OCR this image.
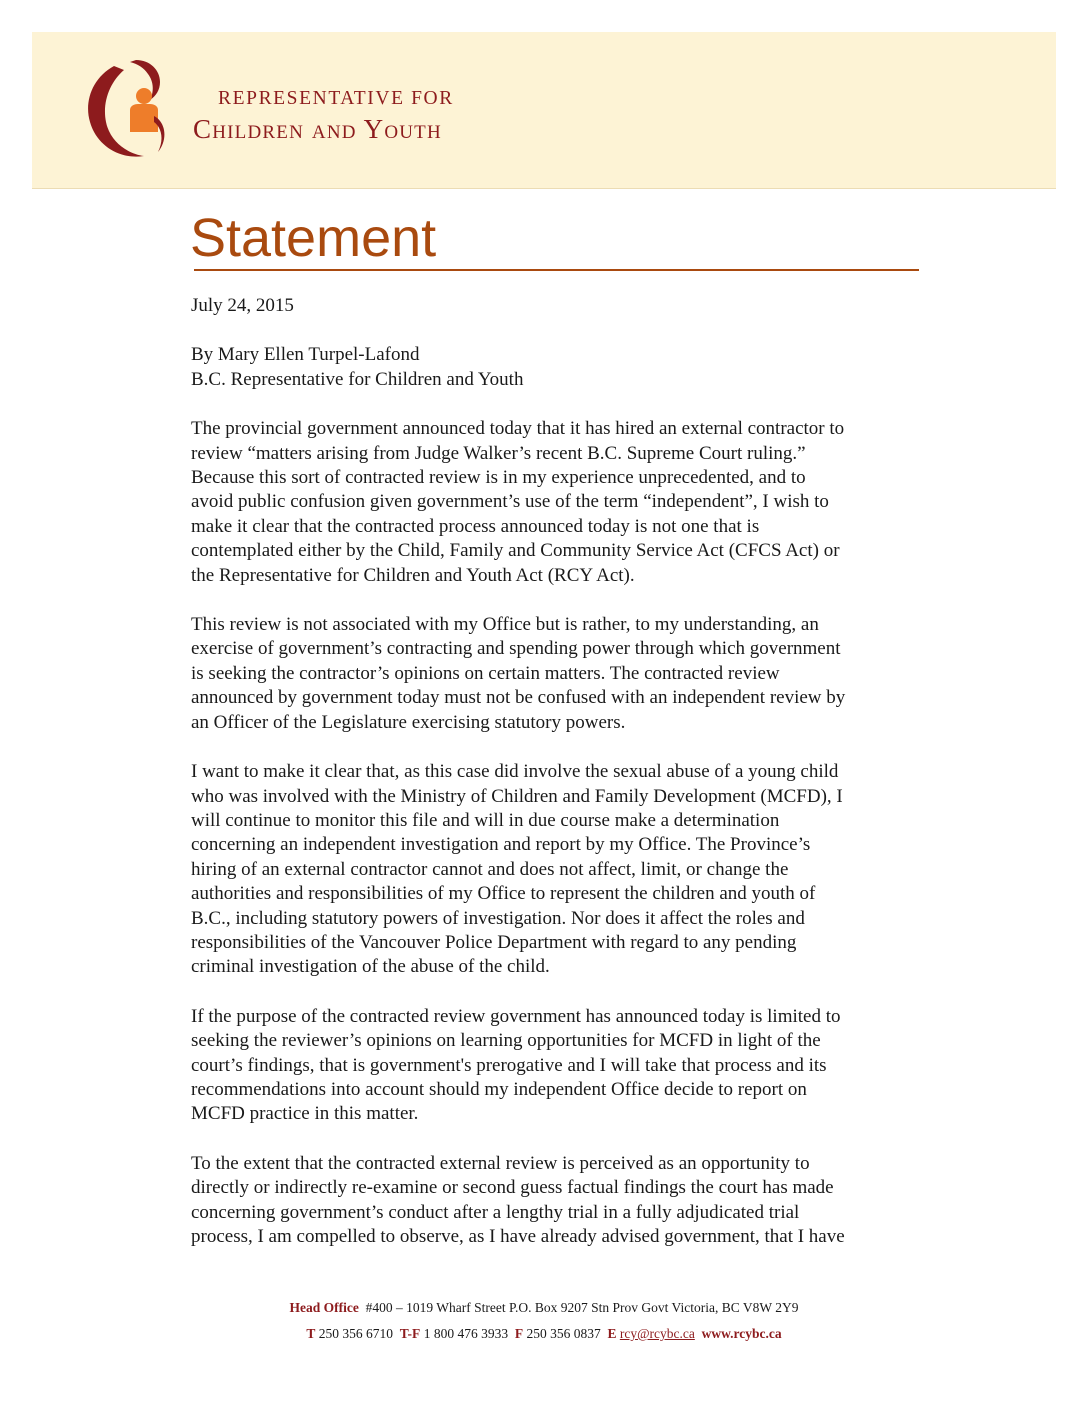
REPRESENTATIVE FOR
Children and Youth
Statement

July 24, 2015

By Mary Ellen Turpel-Lafond

B.C. Representative for Children and Youth

The provincial government announced today that it has hired an external contractor to

review “matters arising from Judge Walker’s recent B.C. Supreme Court ruling.”

Because this sort of contracted review is in my experience unprecedented, and to

avoid public confusion given government’s use of the term “independent”, I wish to

make it clear that the contracted process announced today is not one that is

contemplated either by the Child, Family and Community Service Act (CFCS Act) or

the Representative for Children and Youth Act (RCY Act).

This review is not associated with my Office but is rather, to my understanding, an

exercise of government’s contracting and spending power through which government

is seeking the contractor’s opinions on certain matters. The contracted review

announced by government today must not be confused with an independent review by

an Officer of the Legislature exercising statutory powers.

I want to make it clear that, as this case did involve the sexual abuse of a young child

who was involved with the Ministry of Children and Family Development (MCFD), I

will continue to monitor this file and will in due course make a determination

concerning an independent investigation and report by my Office. The Province’s

hiring of an external contractor cannot and does not affect, limit, or change the

authorities and responsibilities of my Office to represent the children and youth of

B.C., including statutory powers of investigation. Nor does it affect the roles and

responsibilities of the Vancouver Police Department with regard to any pending

criminal investigation of the abuse of the child.

If the purpose of the contracted review government has announced today is limited to

seeking the reviewer’s opinions on learning opportunities for MCFD in light of the

court’s findings, that is government's prerogative and I will take that process and its

recommendations into account should my independent Office decide to report on

MCFD practice in this matter.

To the extent that the contracted external review is perceived as an opportunity to

directly or indirectly re-examine or second guess factual findings the court has made

concerning government’s conduct after a lengthy trial in a fully adjudicated trial

process, I am compelled to observe, as I have already advised government, that I have

Head Office #400 – 1019 Wharf Street P.O. Box 9207 Stn Prov Govt Victoria, BC V8W 2Y9
T 250 356 6710 T-F 1 800 476 3933 F 250 356 0837 E rcy@rcybc.ca www.rcybc.ca
